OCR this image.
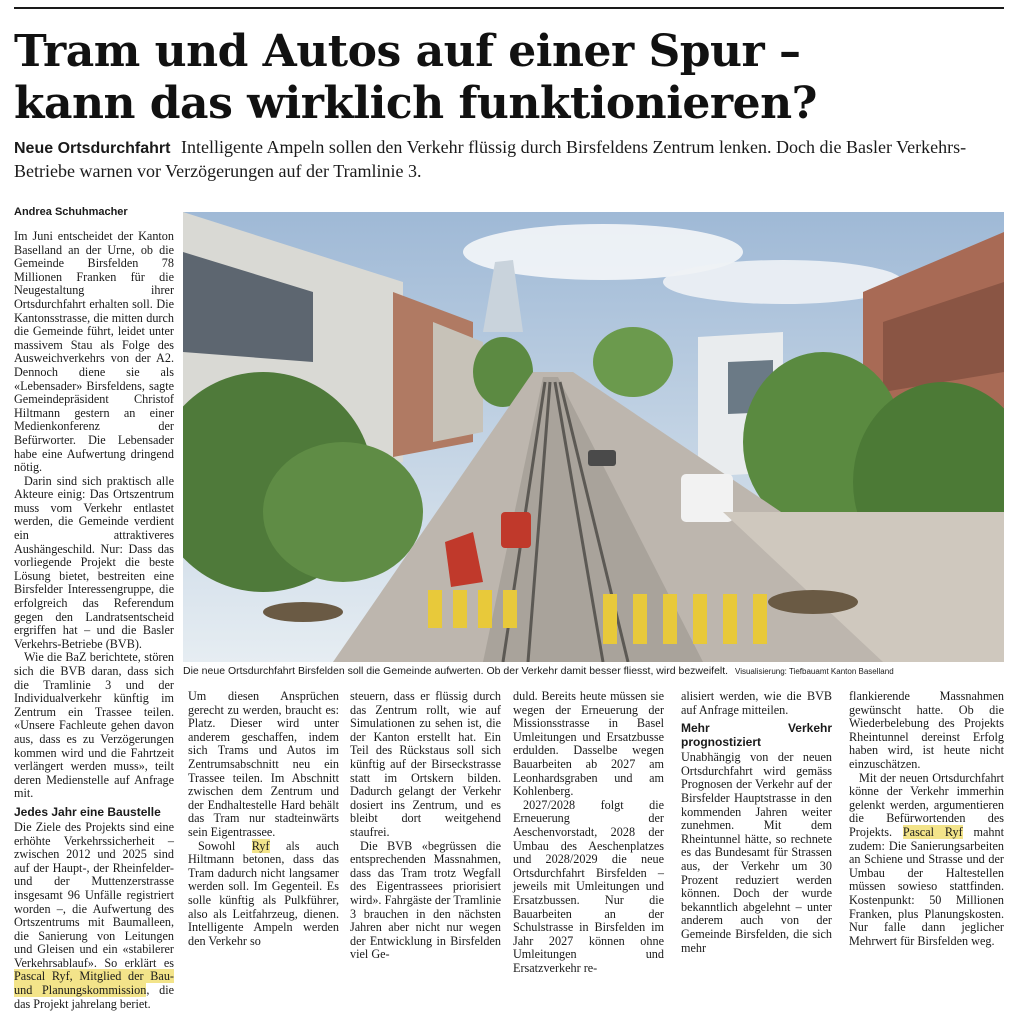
Tram und Autos auf einer Spur –
kann das wirklich funktionieren?

Neue Ortsdurchfahrt Intelligente Ampeln sollen den Verkehr flüssig durch Birsfeldens Zentrum lenken. Doch die Basler Verkehrs-Betriebe warnen vor Verzögerungen auf der Tramlinie 3.

Andrea Schuhmacher

Im Juni entscheidet der Kanton Baselland an der Urne, ob die Gemeinde Birsfelden 78 Millionen Franken für die Neugestaltung ihrer Ortsdurchfahrt erhalten soll. Die Kantonsstrasse, die mitten durch die Gemeinde führt, leidet unter massivem Stau als Folge des Ausweichverkehrs von der A2. Dennoch diene sie als «Lebensader» Birsfeldens, sagte Gemeindepräsident Christof Hiltmann gestern an einer Medienkonferenz der Befürworter. Die Lebensader habe eine Aufwertung dringend nötig.

Darin sind sich praktisch alle Akteure einig: Das Ortszentrum muss vom Verkehr entlastet werden, die Gemeinde verdient ein attraktiveres Aushängeschild. Nur: Dass das vorliegende Projekt die beste Lösung bietet, bestreiten eine Birsfelder Interessengruppe, die erfolgreich das Referendum gegen den Landratsentscheid ergriffen hat – und die Basler Verkehrs-Betriebe (BVB).

Wie die BaZ berichtete, stören sich die BVB daran, dass sich die Tramlinie 3 und der Individualverkehr künftig im Zentrum ein Trassee teilen. «Unsere Fachleute gehen davon aus, dass es zu Verzögerungen kommen wird und die Fahrtzeit verlängert werden muss», teilt deren Medienstelle auf Anfrage mit.

Jedes Jahr eine Baustelle

Die Ziele des Projekts sind eine erhöhte Verkehrssicherheit – zwischen 2012 und 2025 sind auf der Haupt-, der Rheinfelder- und der Muttenzerstrasse insgesamt 96 Unfälle registriert worden –, die Aufwertung des Ortszentrums mit Baumalleen, die Sanierung von Leitungen und Gleisen und ein «stabilerer Verkehrsablauf». So erklärt es Pascal Ryf, Mitglied der Bau- und Planungskommission, die das Projekt jahrelang beriet.

Die neue Ortsdurchfahrt Birsfelden soll die Gemeinde aufwerten. Ob der Verkehr damit besser fliesst, wird bezweifelt. Visualisierung: Tiefbauamt Kanton Baselland

Um diesen Ansprüchen gerecht zu werden, braucht es: Platz. Dieser wird unter anderem geschaffen, indem sich Trams und Autos im Zentrumsabschnitt neu ein Trassee teilen. Im Abschnitt zwischen dem Zentrum und der Endhaltestelle Hard behält das Tram nur stadteinwärts sein Eigentrassee.

Sowohl Ryf als auch Hiltmann betonen, dass das Tram dadurch nicht langsamer werden soll. Im Gegenteil. Es solle künftig als Pulkführer, also als Leitfahrzeug, dienen. Intelligente Ampeln werden den Verkehr so

steuern, dass er flüssig durch das Zentrum rollt, wie auf Simulationen zu sehen ist, die der Kanton erstellt hat. Ein Teil des Rückstaus soll sich künftig auf der Birseckstrasse statt im Ortskern bilden. Dadurch gelangt der Verkehr dosiert ins Zentrum, und es bleibt dort weitgehend staufrei.

Die BVB «begrüssen die entsprechenden Massnahmen, dass das Tram trotz Wegfall des Eigentrassees priorisiert wird». Fahrgäste der Tramlinie 3 brauchen in den nächsten Jahren aber nicht nur wegen der Entwicklung in Birsfelden viel Ge-

duld. Bereits heute müssen sie wegen der Erneuerung der Missionsstrasse in Basel Umleitungen und Ersatzbusse erdulden. Dasselbe wegen Bauarbeiten ab 2027 am Leonhardsgraben und am Kohlenberg.

2027/2028 folgt die Erneuerung der Aeschenvorstadt, 2028 der Umbau des Aeschenplatzes und 2028/2029 die neue Ortsdurchfahrt Birsfelden – jeweils mit Umleitungen und Ersatzbussen. Nur die Bauarbeiten an der Schulstrasse in Birsfelden im Jahr 2027 können ohne Umleitungen und Ersatzverkehr re-

alisiert werden, wie die BVB auf Anfrage mitteilen.

Mehr Verkehr prognostiziert

Unabhängig von der neuen Ortsdurchfahrt wird gemäss Prognosen der Verkehr auf der Birsfelder Hauptstrasse in den kommenden Jahren weiter zunehmen. Mit dem Rheintunnel hätte, so rechnete es das Bundesamt für Strassen aus, der Verkehr um 30 Prozent reduziert werden können. Doch der wurde bekanntlich abgelehnt – unter anderem auch von der Gemeinde Birsfelden, die sich mehr

flankierende Massnahmen gewünscht hatte. Ob die Wiederbelebung des Projekts Rheintunnel dereinst Erfolg haben wird, ist heute nicht einzuschätzen.

Mit der neuen Ortsdurchfahrt könne der Verkehr immerhin gelenkt werden, argumentieren die Befürwortenden des Projekts. Pascal Ryf mahnt zudem: Die Sanierungsarbeiten an Schiene und Strasse und der Umbau der Haltestellen müssen sowieso stattfinden. Kostenpunkt: 50 Millionen Franken, plus Planungskosten. Nur falle dann jeglicher Mehrwert für Birsfelden weg.
